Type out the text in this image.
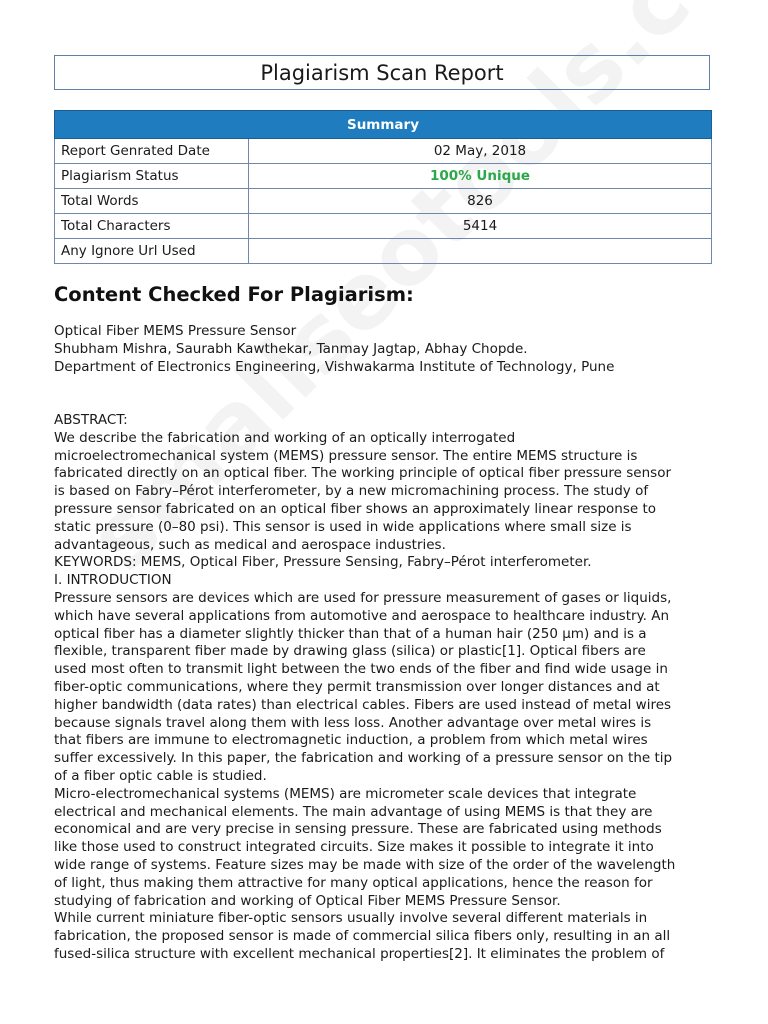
Plagiarism Scan Report
Summary	
Report Genrated Date	02 May, 2018
Plagiarism Status	100% Unique
Total Words	826
Total Characters	5414
Any Ignore Url Used	
Content Checked For Plagiarism:
Optical Fiber MEMS Pressure Sensor
Shubham Mishra, Saurabh Kawthekar, Tanmay Jagtap, Abhay Chopde.
Department of Electronics Engineering, Vishwakarma Institute of Technology, Pune
ABSTRACT:
We describe the fabrication and working of an optically interrogated
microelectromechanical system (MEMS) pressure sensor. The entire MEMS structure is
fabricated directly on an optical fiber. The working principle of optical fiber pressure sensor
is based on Fabry–Pérot interferometer, by a new micromachining process. The study of
pressure sensor fabricated on an optical fiber shows an approximately linear response to
static pressure (0–80 psi). This sensor is used in wide applications where small size is
advantageous, such as medical and aerospace industries.
KEYWORDS: MEMS, Optical Fiber, Pressure Sensing, Fabry–Pérot interferometer.
I. INTRODUCTION
Pressure sensors are devices which are used for pressure measurement of gases or liquids,
which have several applications from automotive and aerospace to healthcare industry. An
optical fiber has a diameter slightly thicker than that of a human hair (250 µm) and is a
flexible, transparent fiber made by drawing glass (silica) or plastic[1]. Optical fibers are
used most often to transmit light between the two ends of the fiber and find wide usage in
fiber-optic communications, where they permit transmission over longer distances and at
higher bandwidth (data rates) than electrical cables. Fibers are used instead of metal wires
because signals travel along them with less loss. Another advantage over metal wires is
that fibers are immune to electromagnetic induction, a problem from which metal wires
suffer excessively. In this paper, the fabrication and working of a pressure sensor on the tip
of a fiber optic cable is studied.
Micro-electromechanical systems (MEMS) are micrometer scale devices that integrate
electrical and mechanical elements. The main advantage of using MEMS is that they are
economical and are very precise in sensing pressure. These are fabricated using methods
like those used to construct integrated circuits. Size makes it possible to integrate it into
wide range of systems. Feature sizes may be made with size of the order of the wavelength
of light, thus making them attractive for many optical applications, hence the reason for
studying of fabrication and working of Optical Fiber MEMS Pressure Sensor.
While current miniature fiber-optic sensors usually involve several different materials in
fabrication, the proposed sensor is made of commercial silica fibers only, resulting in an all
fused-silica structure with excellent mechanical properties[2]. It eliminates the problem of
